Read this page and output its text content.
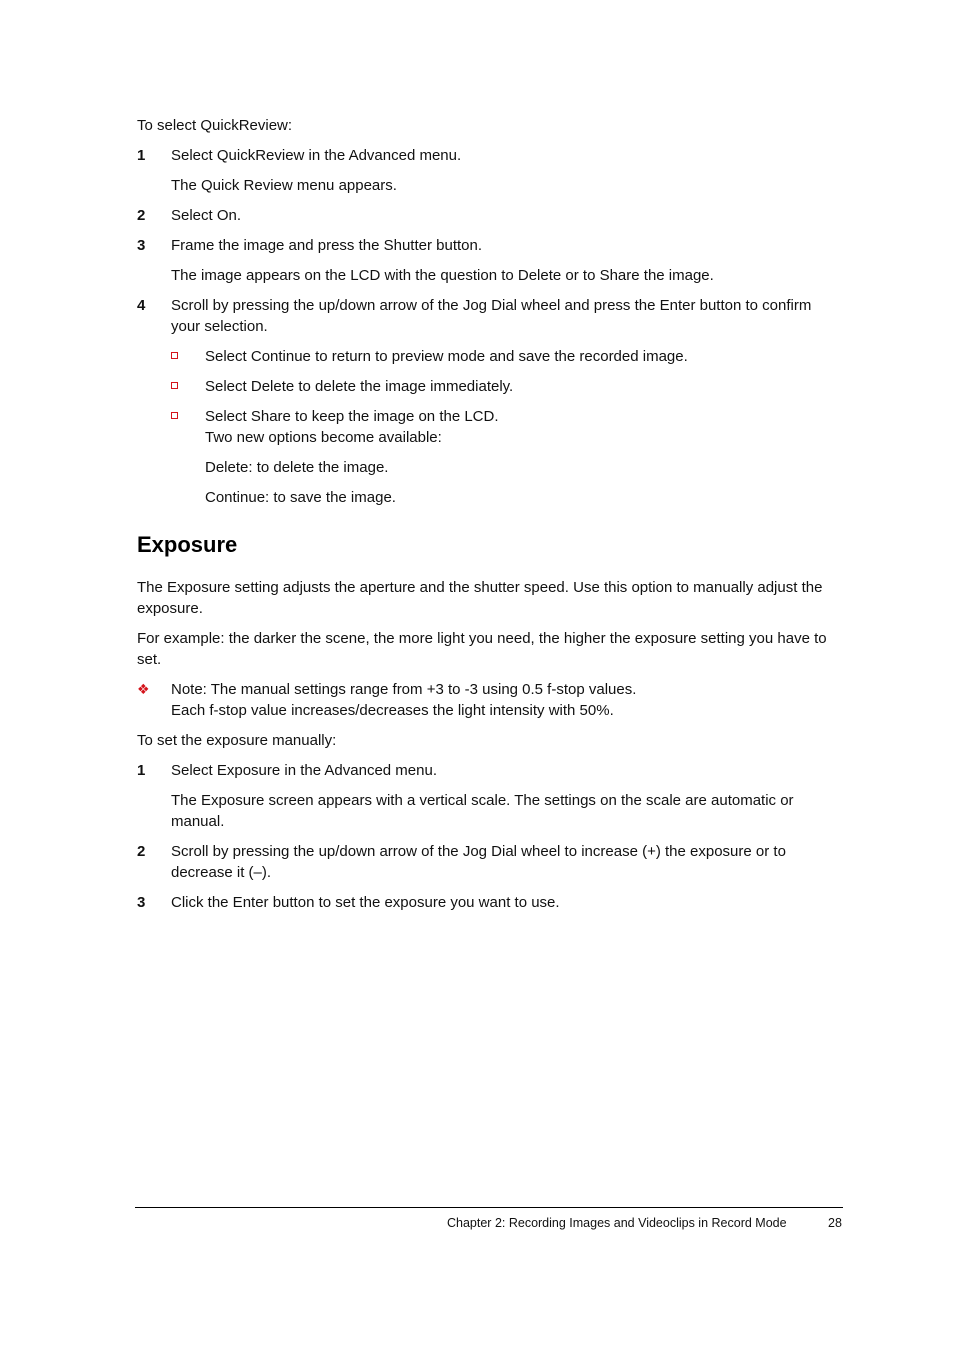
To select QuickReview:

1 Select QuickReview in the Advanced menu.

The Quick Review menu appears.

2 Select On.
3 Frame the image and press the Shutter button.

The image appears on the LCD with the question to Delete or to Share the image.

4 Scroll by pressing the up/down arrow of the Jog Dial wheel and press the Enter button to confirm your selection.
Select Continue to return to preview mode and save the recorded image.
Select Delete to delete the image immediately.
Select Share to keep the image on the LCD.
Two new options become available:

Delete: to delete the image.

Continue: to save the image.

Exposure

The Exposure setting adjusts the aperture and the shutter speed. Use this option to manually adjust the exposure.

For example: the darker the scene, the more light you need, the higher the exposure setting you have to set.

❖ Note: The manual settings range from +3 to -3 using 0.5 f-stop values.
Each f-stop value increases/decreases the light intensity with 50%.

To set the exposure manually:

1 Select Exposure in the Advanced menu.

The Exposure screen appears with a vertical scale. The settings on the scale are automatic or manual.

2 Scroll by pressing the up/down arrow of the Jog Dial wheel to increase (+) the exposure or to decrease it (–).
3 Click the Enter button to set the exposure you want to use.
Chapter 2: Recording Images and Videoclips in Record Mode	28
